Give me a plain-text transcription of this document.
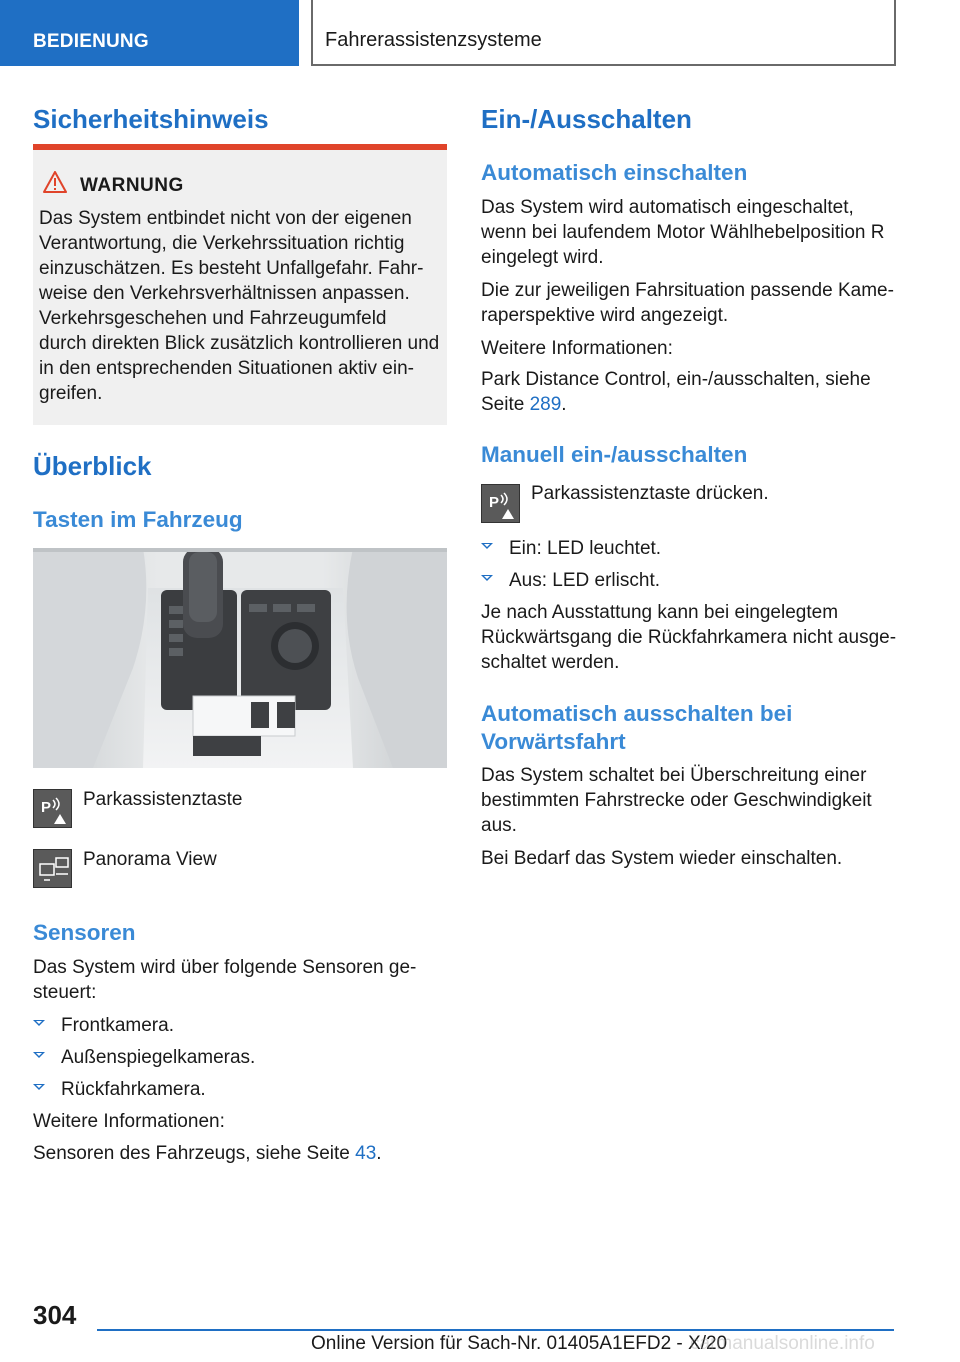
BEDIENUNG	Fahrerassistenzsysteme
Sicherheitshinweis
WARNUNG
Das System entbindet nicht von der eigenen
Verantwortung, die Verkehrssituation richtig
einzuschätzen. Es besteht Unfallgefahr. Fahr-
weise den Verkehrsverhältnissen anpassen.
Verkehrsgeschehen und Fahrzeugumfeld
durch direkten Blick zusätzlich kontrollieren und
in den entsprechenden Situationen aktiv ein-
greifen.
Überblick
Tasten im Fahrzeug
P Parkassistenztaste
Panorama View
Sensoren

Das System wird über folgende Sensoren ge-
steuert:

Frontkamera.
Außenspiegelkameras.
Rückfahrkamera.

Weitere Informationen:

Sensoren des Fahrzeugs, siehe Seite 43.

Ein-/Ausschalten
Automatisch einschalten

Das System wird automatisch eingeschaltet,
wenn bei laufendem Motor Wählhebelposition R
eingelegt wird.

Die zur jeweiligen Fahrsituation passende Kame-
raperspektive wird angezeigt.

Weitere Informationen:

Park Distance Control, ein-/ausschalten, siehe
Seite 289.

Manuell ein-/ausschalten
P Parkassistenztaste drücken.
Ein: LED leuchtet.
Aus: LED erlischt.

Je nach Ausstattung kann bei eingelegtem
Rückwärtsgang die Rückfahrkamera nicht ausge-
schaltet werden.

Automatisch ausschalten bei
Vorwärtsfahrt

Das System schaltet bei Überschreitung einer
bestimmten Fahrstrecke oder Geschwindigkeit
aus.

Bei Bedarf das System wieder einschalten.

304
Online Version für Sach-Nr. 01405A1EFD2 - X/20
carmanualsonline.info
